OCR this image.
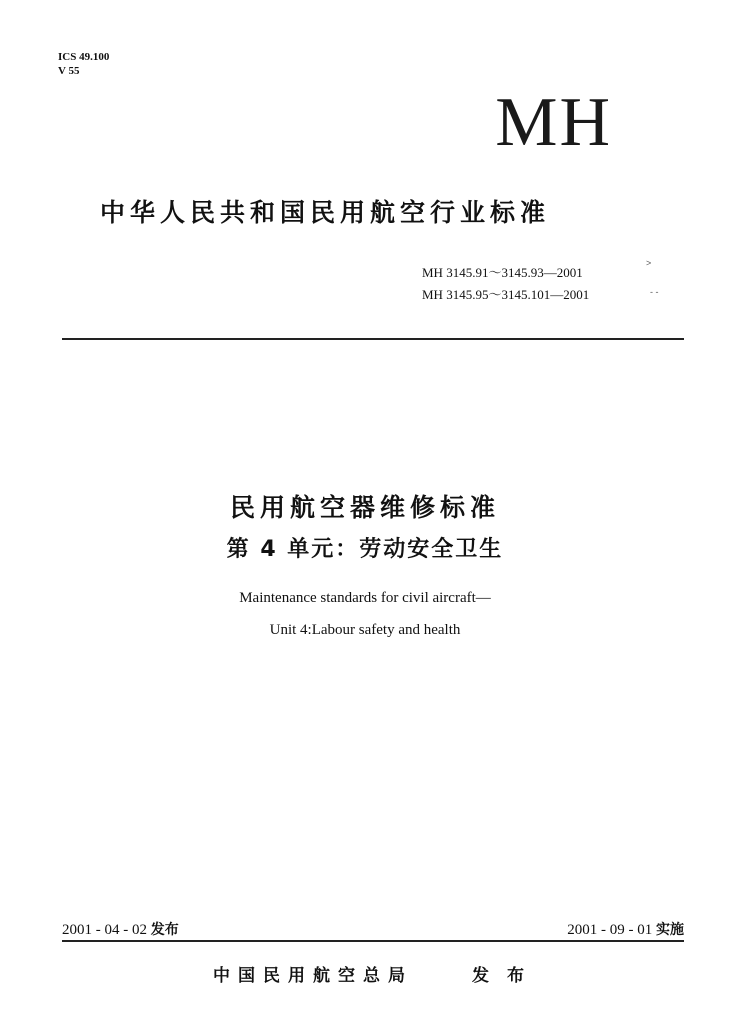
ICS 49.100
V 55
MH
中华人民共和国民用航空行业标准
MH 3145.91～3145.93—2001
MH 3145.95～3145.101—2001
˃
- -
民用航空器维修标准
第 4 单元：劳动安全卫生
Maintenance standards for civil aircraft—
Unit 4:Labour safety and health
2001 - 04 - 02 发布	2001 - 09 - 01 实施
中国民用航空总局	发布
